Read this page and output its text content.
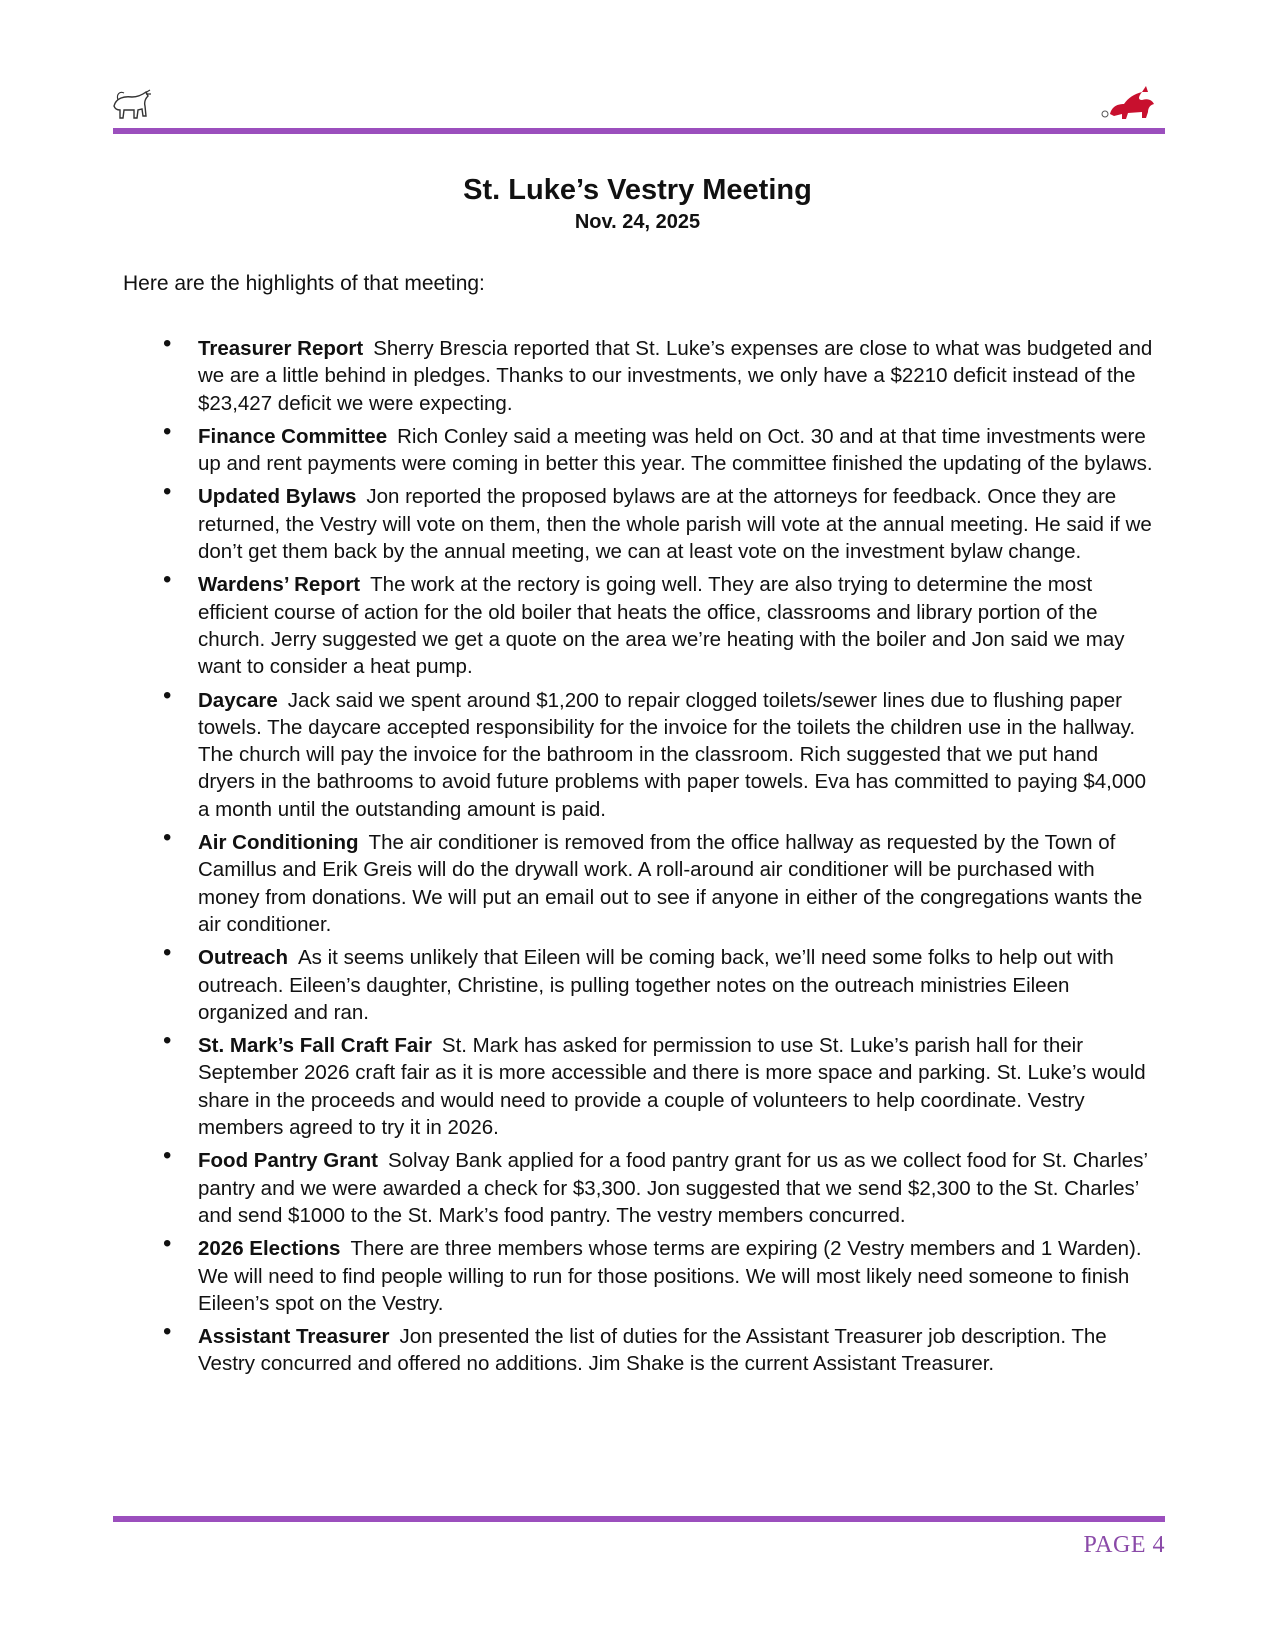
St. Luke’s Vestry Meeting
Nov. 24, 2025
Here are the highlights of that meeting:
• Treasurer Report Sherry Brescia reported that St. Luke’s expenses are close to what was budgeted and we are a little behind in pledges. Thanks to our investments, we only have a $2210 deficit instead of the $23,427 deficit we were expecting.
• Finance Committee Rich Conley said a meeting was held on Oct. 30 and at that time investments were up and rent payments were coming in better this year. The committee finished the updating of the bylaws.
• Updated Bylaws Jon reported the proposed bylaws are at the attorneys for feedback. Once they are returned, the Vestry will vote on them, then the whole parish will vote at the annual meeting. He said if we don’t get them back by the annual meeting, we can at least vote on the investment bylaw change.
• Wardens’ Report The work at the rectory is going well. They are also trying to determine the most efficient course of action for the old boiler that heats the office, classrooms and library portion of the church. Jerry suggested we get a quote on the area we’re heating with the boiler and Jon said we may want to consider a heat pump.
• Daycare Jack said we spent around $1,200 to repair clogged toilets/sewer lines due to flushing paper towels. The daycare accepted responsibility for the invoice for the toilets the children use in the hallway. The church will pay the invoice for the bathroom in the classroom. Rich suggested that we put hand dryers in the bathrooms to avoid future problems with paper towels. Eva has committed to paying $4,000 a month until the outstanding amount is paid.
• Air Conditioning The air conditioner is removed from the office hallway as requested by the Town of Camillus and Erik Greis will do the drywall work. A roll-around air conditioner will be purchased with money from donations. We will put an email out to see if anyone in either of the congregations wants the air conditioner.
• Outreach As it seems unlikely that Eileen will be coming back, we’ll need some folks to help out with outreach. Eileen’s daughter, Christine, is pulling together notes on the outreach ministries Eileen organized and ran.
• St. Mark’s Fall Craft Fair St. Mark has asked for permission to use St. Luke’s parish hall for their September 2026 craft fair as it is more accessible and there is more space and parking. St. Luke’s would share in the proceeds and would need to provide a couple of volunteers to help coordinate. Vestry members agreed to try it in 2026.
• Food Pantry Grant Solvay Bank applied for a food pantry grant for us as we collect food for St. Charles’ pantry and we were awarded a check for $3,300. Jon suggested that we send $2,300 to the St. Charles’ and send $1000 to the St. Mark’s food pantry. The vestry members concurred.
• 2026 Elections There are three members whose terms are expiring (2 Vestry members and 1 Warden). We will need to find people willing to run for those positions. We will most likely need someone to finish Eileen’s spot on the Vestry.
• Assistant Treasurer Jon presented the list of duties for the Assistant Treasurer job description. The Vestry concurred and offered no additions. Jim Shake is the current Assistant Treasurer.
PAGE 4
